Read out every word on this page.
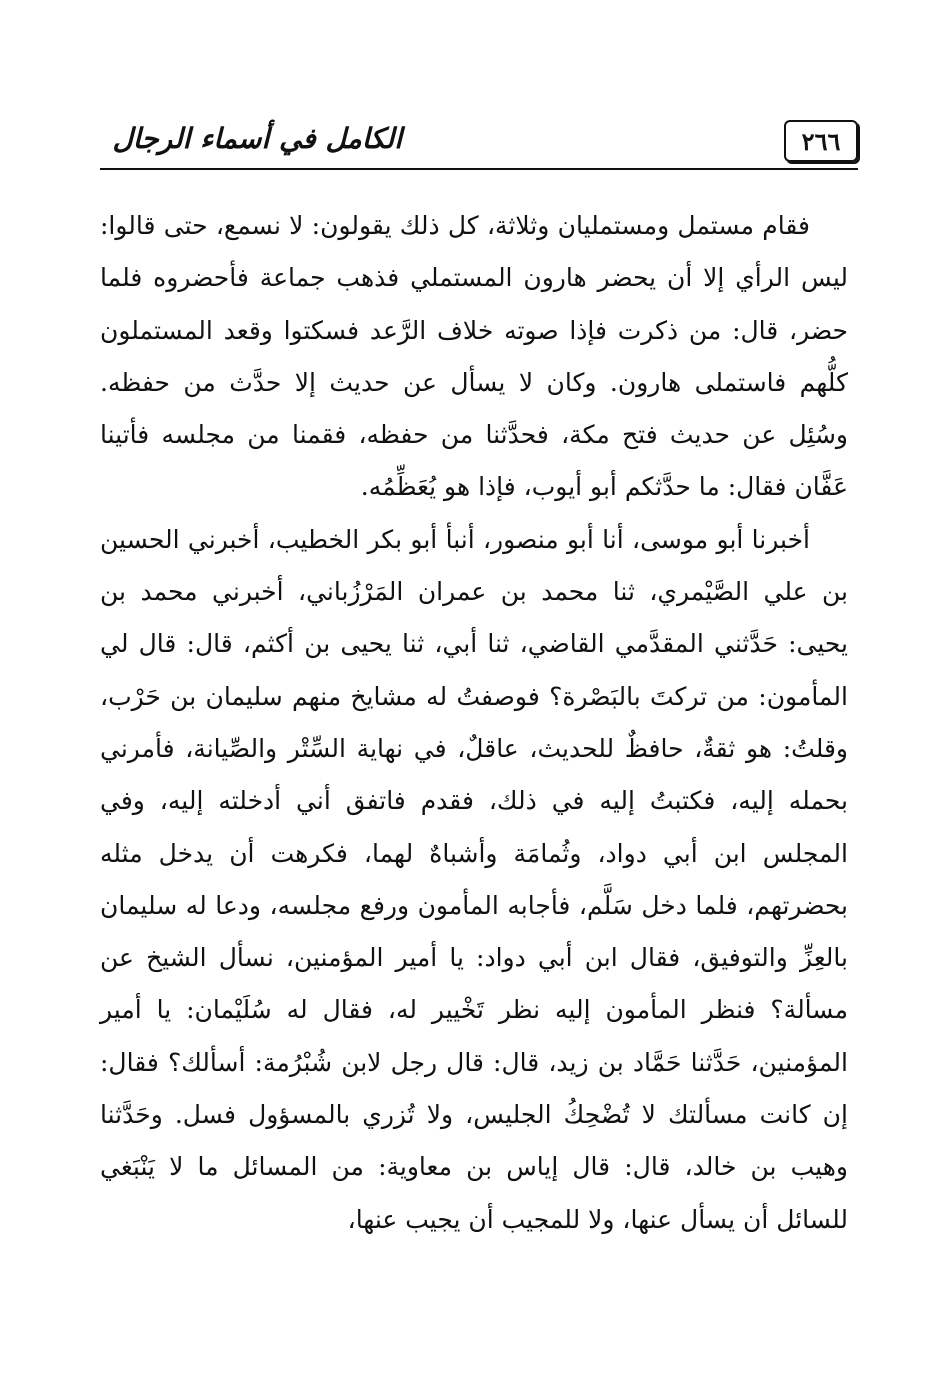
٢٦٦
الكامل في أسماء الرجال

فقام مستمل ومستمليان وثلاثة، كل ذلك يقولون: لا نسمع، حتى قالوا: ليس الرأي إلا أن يحضر هارون المستملي فذهب جماعة فأحضروه فلما حضر، قال: من ذكرت فإذا صوته خلاف الرَّعد فسكتوا وقعد المستملون كلُّهم فاستملى هارون. وكان لا يسأل عن حديث إلا حدَّث من حفظه. وسُئِل عن حديث فتح مكة، فحدَّثنا من حفظه، فقمنا من مجلسه فأتينا عَفَّان فقال: ما حدَّثكم أبو أيوب، فإذا هو يُعَظِّمُه.

أخبرنا أبو موسى، أنا أبو منصور، أنبأ أبو بكر الخطيب، أخبرني الحسين بن علي الصَّيْمري، ثنا محمد بن عمران المَرْزُباني، أخبرني محمد بن يحيى: حَدَّثني المقدَّمي القاضي، ثنا أبي، ثنا يحيى بن أكثم، قال: قال لي المأمون: من تركتَ بالبَصْرة؟ فوصفتُ له مشايخ منهم سليمان بن حَرْب، وقلتُ: هو ثقةٌ، حافظٌ للحديث، عاقلٌ، في نهاية السِّتْر والصِّيانة، فأمرني بحمله إليه، فكتبتُ إليه في ذلك، فقدم فاتفق أني أدخلته إليه، وفي المجلس ابن أبي دواد، وثُمامَة وأشباهٌ لهما، فكرهت أن يدخل مثله بحضرتهم، فلما دخل سَلَّم، فأجابه المأمون ورفع مجلسه، ودعا له سليمان بالعِزِّ والتوفيق، فقال ابن أبي دواد: يا أمير المؤمنين، نسأل الشيخ عن مسألة؟ فنظر المأمون إليه نظر تَخْيير له، فقال له سُلَيْمان: يا أمير المؤمنين، حَدَّثنا حَمَّاد بن زيد، قال: قال رجل لابن شُبْرُمة: أسألك؟ فقال: إن كانت مسألتك لا تُضْحِكُ الجليس، ولا تُزري بالمسؤول فسل. وحَدَّثنا وهيب بن خالد، قال: قال إياس بن معاوية: من المسائل ما لا يَنْبَغي للسائل أن يسأل عنها، ولا للمجيب أن يجيب عنها،
